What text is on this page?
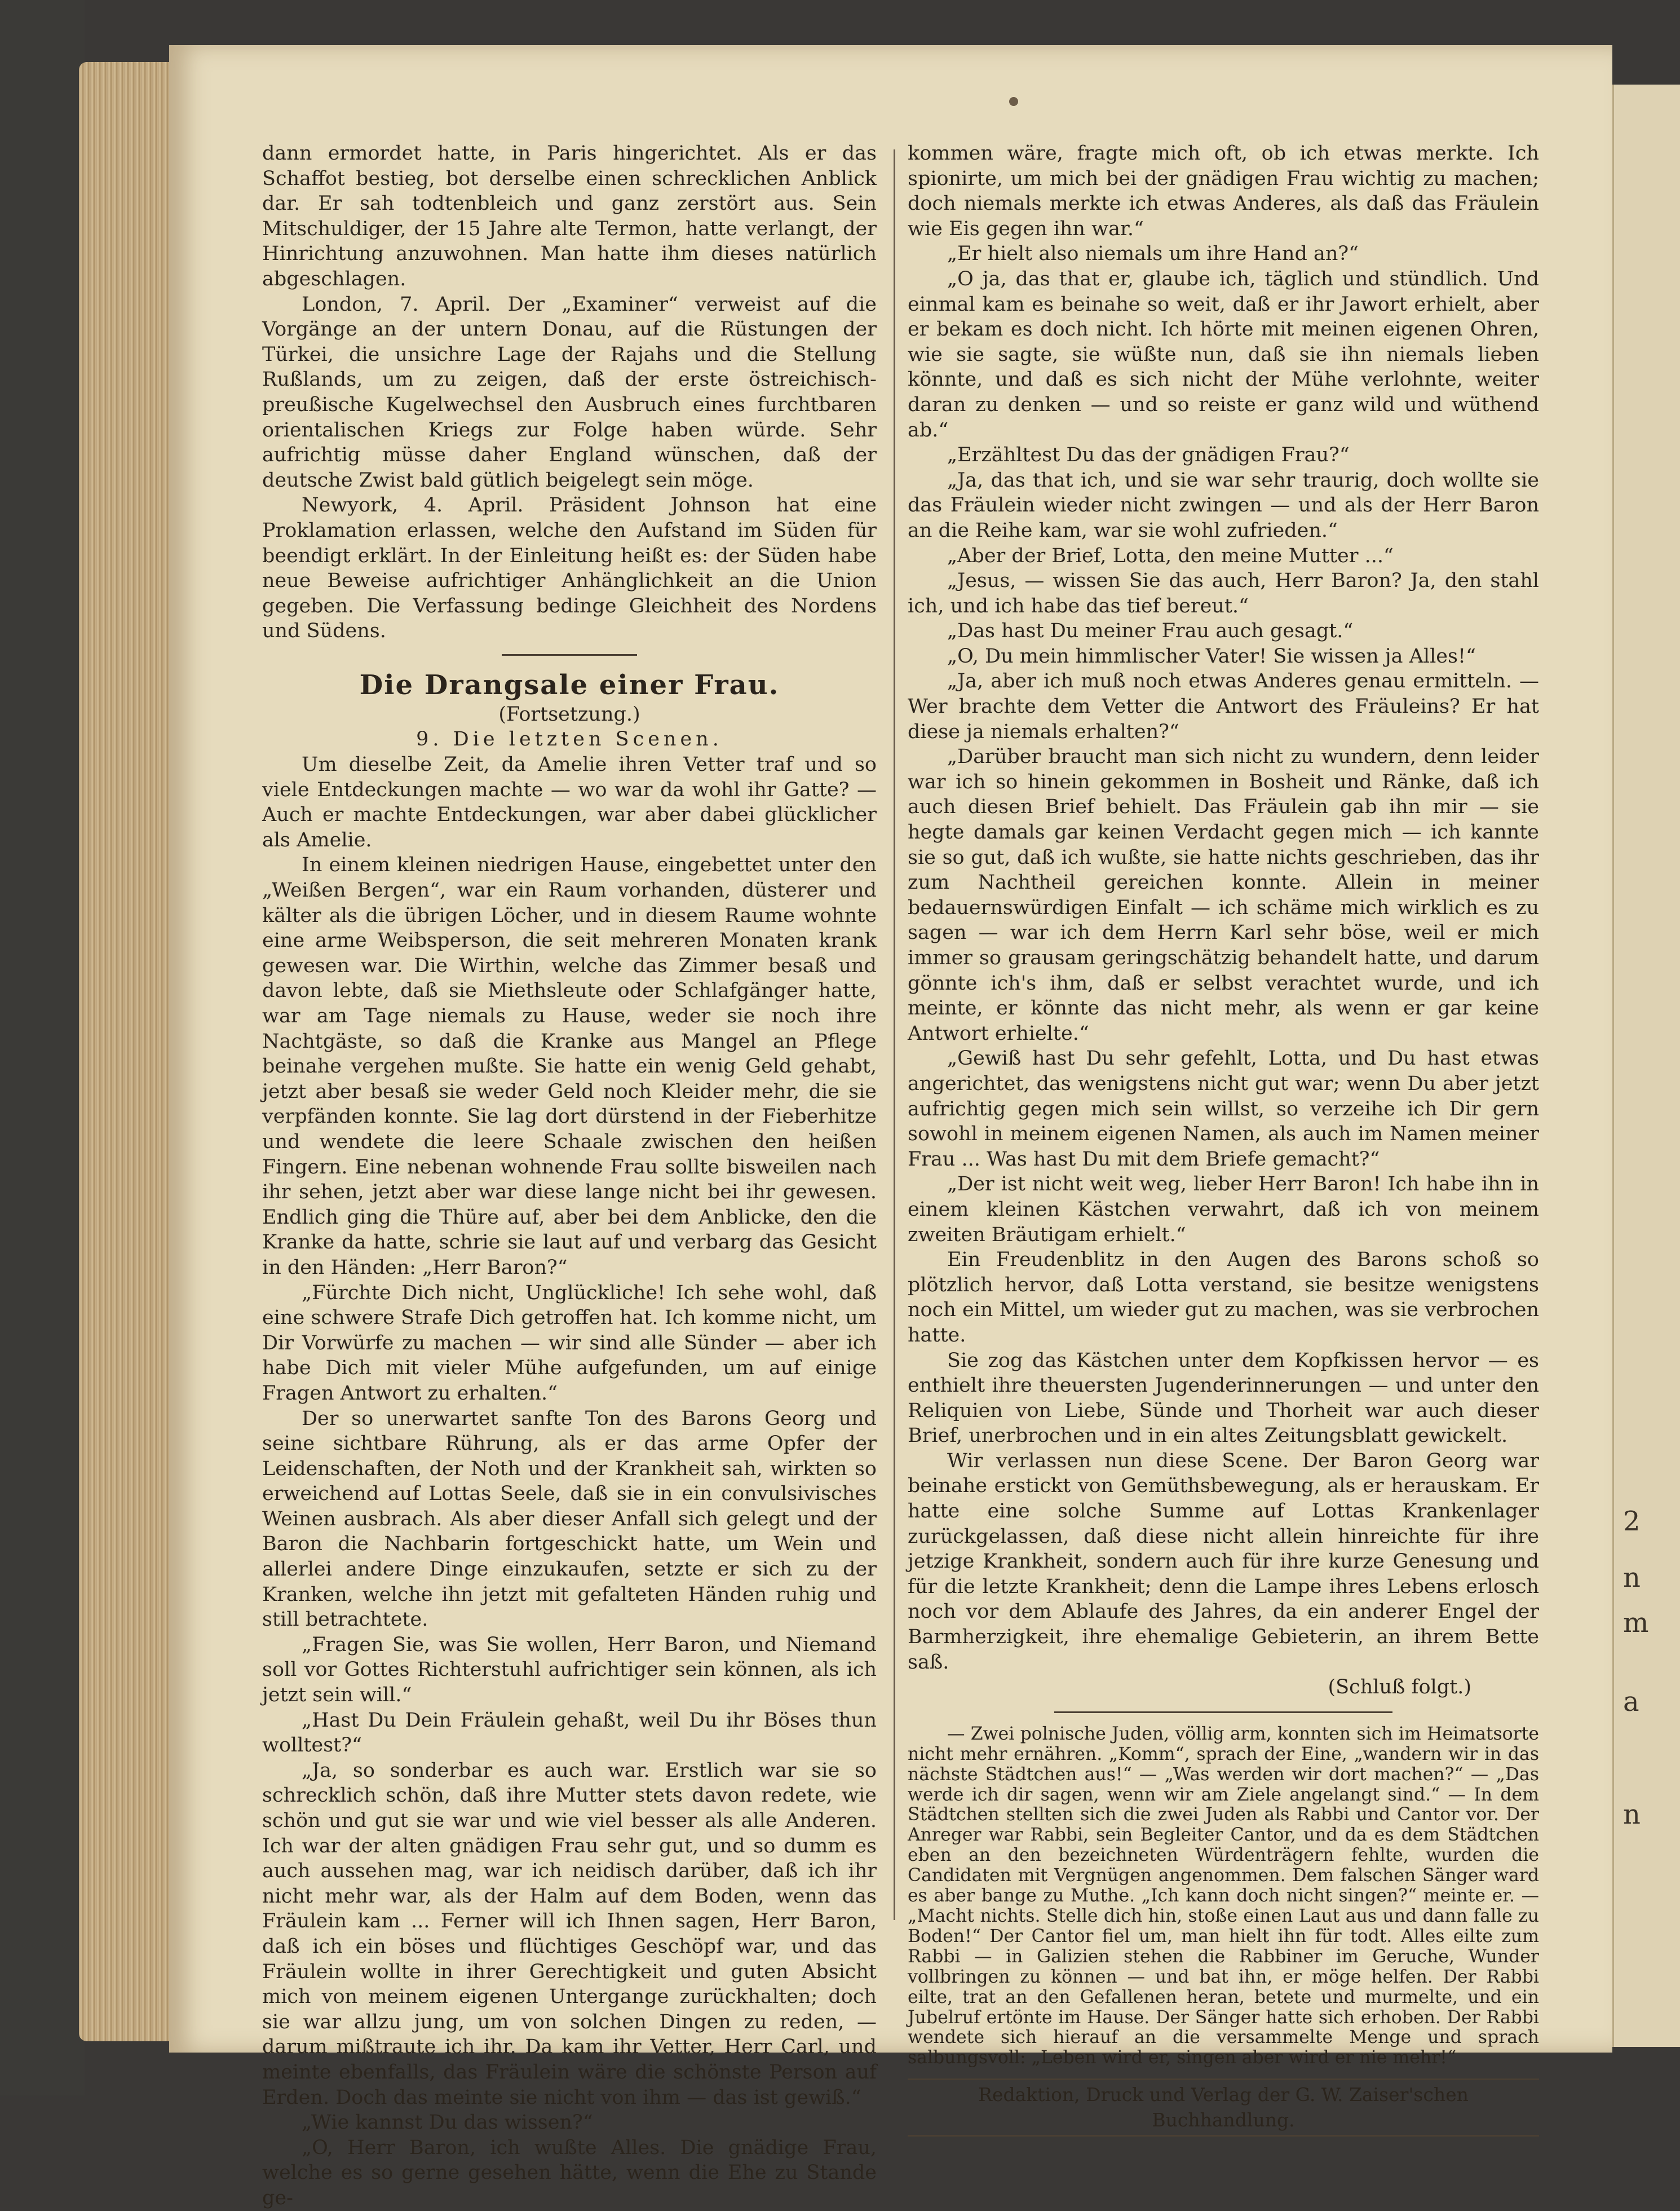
2
n
m
a
n

dann ermordet hatte, in Paris hingerichtet. Als er das Schaffot bestieg, bot derselbe einen schrecklichen Anblick dar. Er sah todtenbleich und ganz zerstört aus. Sein Mitschuldiger, der 15 Jahre alte Termon, hatte verlangt, der Hinrichtung anzuwohnen. Man hatte ihm dieses natürlich abgeschlagen.

London, 7. April. Der „Examiner“ verweist auf die Vorgänge an der untern Donau, auf die Rüstungen der Türkei, die unsichre Lage der Rajahs und die Stellung Rußlands, um zu zeigen, daß der erste östreichisch-preußische Kugelwechsel den Ausbruch eines furchtbaren orientalischen Kriegs zur Folge haben würde. Sehr aufrichtig müsse daher England wünschen, daß der deutsche Zwist bald gütlich beigelegt sein möge.

Newyork, 4. April. Präsident Johnson hat eine Proklamation erlassen, welche den Aufstand im Süden für beendigt erklärt. In der Einleitung heißt es: der Süden habe neue Beweise aufrichtiger Anhänglichkeit an die Union gegeben. Die Verfassung bedinge Gleichheit des Nordens und Südens.

Die Drangsale einer Frau.

(Fortsetzung.)

9. Die letzten Scenen.

Um dieselbe Zeit, da Amelie ihren Vetter traf und so viele Entdeckungen machte — wo war da wohl ihr Gatte? — Auch er machte Entdeckungen, war aber dabei glücklicher als Amelie.

In einem kleinen niedrigen Hause, eingebettet unter den „Weißen Bergen“, war ein Raum vorhanden, düsterer und kälter als die übrigen Löcher, und in diesem Raume wohnte eine arme Weibsperson, die seit mehreren Monaten krank gewesen war. Die Wirthin, welche das Zimmer besaß und davon lebte, daß sie Miethsleute oder Schlafgänger hatte, war am Tage niemals zu Hause, weder sie noch ihre Nachtgäste, so daß die Kranke aus Mangel an Pflege beinahe vergehen mußte. Sie hatte ein wenig Geld gehabt, jetzt aber besaß sie weder Geld noch Kleider mehr, die sie verpfänden konnte. Sie lag dort dürstend in der Fieberhitze und wendete die leere Schaale zwischen den heißen Fingern. Eine nebenan wohnende Frau sollte bisweilen nach ihr sehen, jetzt aber war diese lange nicht bei ihr gewesen. Endlich ging die Thüre auf, aber bei dem Anblicke, den die Kranke da hatte, schrie sie laut auf und verbarg das Gesicht in den Händen: „Herr Baron?“

„Fürchte Dich nicht, Unglückliche! Ich sehe wohl, daß eine schwere Strafe Dich getroffen hat. Ich komme nicht, um Dir Vorwürfe zu machen — wir sind alle Sünder — aber ich habe Dich mit vieler Mühe aufgefunden, um auf einige Fragen Antwort zu erhalten.“

Der so unerwartet sanfte Ton des Barons Georg und seine sichtbare Rührung, als er das arme Opfer der Leidenschaften, der Noth und der Krankheit sah, wirkten so erweichend auf Lottas Seele, daß sie in ein convulsivisches Weinen ausbrach. Als aber dieser Anfall sich gelegt und der Baron die Nachbarin fortgeschickt hatte, um Wein und allerlei andere Dinge einzukaufen, setzte er sich zu der Kranken, welche ihn jetzt mit gefalteten Händen ruhig und still betrachtete.

„Fragen Sie, was Sie wollen, Herr Baron, und Niemand soll vor Gottes Richterstuhl aufrichtiger sein können, als ich jetzt sein will.“

„Hast Du Dein Fräulein gehaßt, weil Du ihr Böses thun wolltest?“

„Ja, so sonderbar es auch war. Erstlich war sie so schrecklich schön, daß ihre Mutter stets davon redete, wie schön und gut sie war und wie viel besser als alle Anderen. Ich war der alten gnädigen Frau sehr gut, und so dumm es auch aussehen mag, war ich neidisch darüber, daß ich ihr nicht mehr war, als der Halm auf dem Boden, wenn das Fräulein kam ... Ferner will ich Ihnen sagen, Herr Baron, daß ich ein böses und flüchtiges Geschöpf war, und das Fräulein wollte in ihrer Gerechtigkeit und guten Absicht mich von meinem eigenen Untergange zurückhalten; doch sie war allzu jung, um von solchen Dingen zu reden, — darum mißtraute ich ihr. Da kam ihr Vetter, Herr Carl, und meinte ebenfalls, das Fräulein wäre die schönste Person auf Erden. Doch das meinte sie nicht von ihm — das ist gewiß.“

„Wie kannst Du das wissen?“

„O, Herr Baron, ich wußte Alles. Die gnädige Frau, welche es so gerne gesehen hätte, wenn die Ehe zu Stande ge-

kommen wäre, fragte mich oft, ob ich etwas merkte. Ich spionirte, um mich bei der gnädigen Frau wichtig zu machen; doch niemals merkte ich etwas Anderes, als daß das Fräulein wie Eis gegen ihn war.“

„Er hielt also niemals um ihre Hand an?“

„O ja, das that er, glaube ich, täglich und stündlich. Und einmal kam es beinahe so weit, daß er ihr Jawort erhielt, aber er bekam es doch nicht. Ich hörte mit meinen eigenen Ohren, wie sie sagte, sie wüßte nun, daß sie ihn niemals lieben könnte, und daß es sich nicht der Mühe verlohnte, weiter daran zu denken — und so reiste er ganz wild und wüthend ab.“

„Erzähltest Du das der gnädigen Frau?“

„Ja, das that ich, und sie war sehr traurig, doch wollte sie das Fräulein wieder nicht zwingen — und als der Herr Baron an die Reihe kam, war sie wohl zufrieden.“

„Aber der Brief, Lotta, den meine Mutter ...“

„Jesus, — wissen Sie das auch, Herr Baron? Ja, den stahl ich, und ich habe das tief bereut.“

„Das hast Du meiner Frau auch gesagt.“

„O, Du mein himmlischer Vater! Sie wissen ja Alles!“

„Ja, aber ich muß noch etwas Anderes genau ermitteln. — Wer brachte dem Vetter die Antwort des Fräuleins? Er hat diese ja niemals erhalten?“

„Darüber braucht man sich nicht zu wundern, denn leider war ich so hinein gekommen in Bosheit und Ränke, daß ich auch diesen Brief behielt. Das Fräulein gab ihn mir — sie hegte damals gar keinen Verdacht gegen mich — ich kannte sie so gut, daß ich wußte, sie hatte nichts geschrieben, das ihr zum Nachtheil gereichen konnte. Allein in meiner bedauernswürdigen Einfalt — ich schäme mich wirklich es zu sagen — war ich dem Herrn Karl sehr böse, weil er mich immer so grausam geringschätzig behandelt hatte, und darum gönnte ich's ihm, daß er selbst verachtet wurde, und ich meinte, er könnte das nicht mehr, als wenn er gar keine Antwort erhielte.“

„Gewiß hast Du sehr gefehlt, Lotta, und Du hast etwas angerichtet, das wenigstens nicht gut war; wenn Du aber jetzt aufrichtig gegen mich sein willst, so verzeihe ich Dir gern sowohl in meinem eigenen Namen, als auch im Namen meiner Frau ... Was hast Du mit dem Briefe gemacht?“

„Der ist nicht weit weg, lieber Herr Baron! Ich habe ihn in einem kleinen Kästchen verwahrt, daß ich von meinem zweiten Bräutigam erhielt.“

Ein Freudenblitz in den Augen des Barons schoß so plötzlich hervor, daß Lotta verstand, sie besitze wenigstens noch ein Mittel, um wieder gut zu machen, was sie verbrochen hatte.

Sie zog das Kästchen unter dem Kopfkissen hervor — es enthielt ihre theuersten Jugenderinnerungen — und unter den Reliquien von Liebe, Sünde und Thorheit war auch dieser Brief, unerbrochen und in ein altes Zeitungsblatt gewickelt.

Wir verlassen nun diese Scene. Der Baron Georg war beinahe erstickt von Gemüthsbewegung, als er herauskam. Er hatte eine solche Summe auf Lottas Krankenlager zurückgelassen, daß diese nicht allein hinreichte für ihre jetzige Krankheit, sondern auch für ihre kurze Genesung und für die letzte Krankheit; denn die Lampe ihres Lebens erlosch noch vor dem Ablaufe des Jahres, da ein anderer Engel der Barmherzigkeit, ihre ehemalige Gebieterin, an ihrem Bette saß.

(Schluß folgt.)

— Zwei polnische Juden, völlig arm, konnten sich im Heimatsorte nicht mehr ernähren. „Komm“, sprach der Eine, „wandern wir in das nächste Städtchen aus!“ — „Was werden wir dort machen?“ — „Das werde ich dir sagen, wenn wir am Ziele angelangt sind.“ — In dem Städtchen stellten sich die zwei Juden als Rabbi und Cantor vor. Der Anreger war Rabbi, sein Begleiter Cantor, und da es dem Städtchen eben an den bezeichneten Würdenträgern fehlte, wurden die Candidaten mit Vergnügen angenommen. Dem falschen Sänger ward es aber bange zu Muthe. „Ich kann doch nicht singen?“ meinte er. — „Macht nichts. Stelle dich hin, stoße einen Laut aus und dann falle zu Boden!“ Der Cantor fiel um, man hielt ihn für todt. Alles eilte zum Rabbi — in Galizien stehen die Rabbiner im Geruche, Wunder vollbringen zu können — und bat ihn, er möge helfen. Der Rabbi eilte, trat an den Gefallenen heran, betete und murmelte, und ein Jubelruf ertönte im Hause. Der Sänger hatte sich erhoben. Der Rabbi wendete sich hierauf an die versammelte Menge und sprach salbungsvoll: „Leben wird er, singen aber wird er nie mehr!“

Redaktion, Druck und Verlag der G. W. Zaiser'schen Buchhandlung.
